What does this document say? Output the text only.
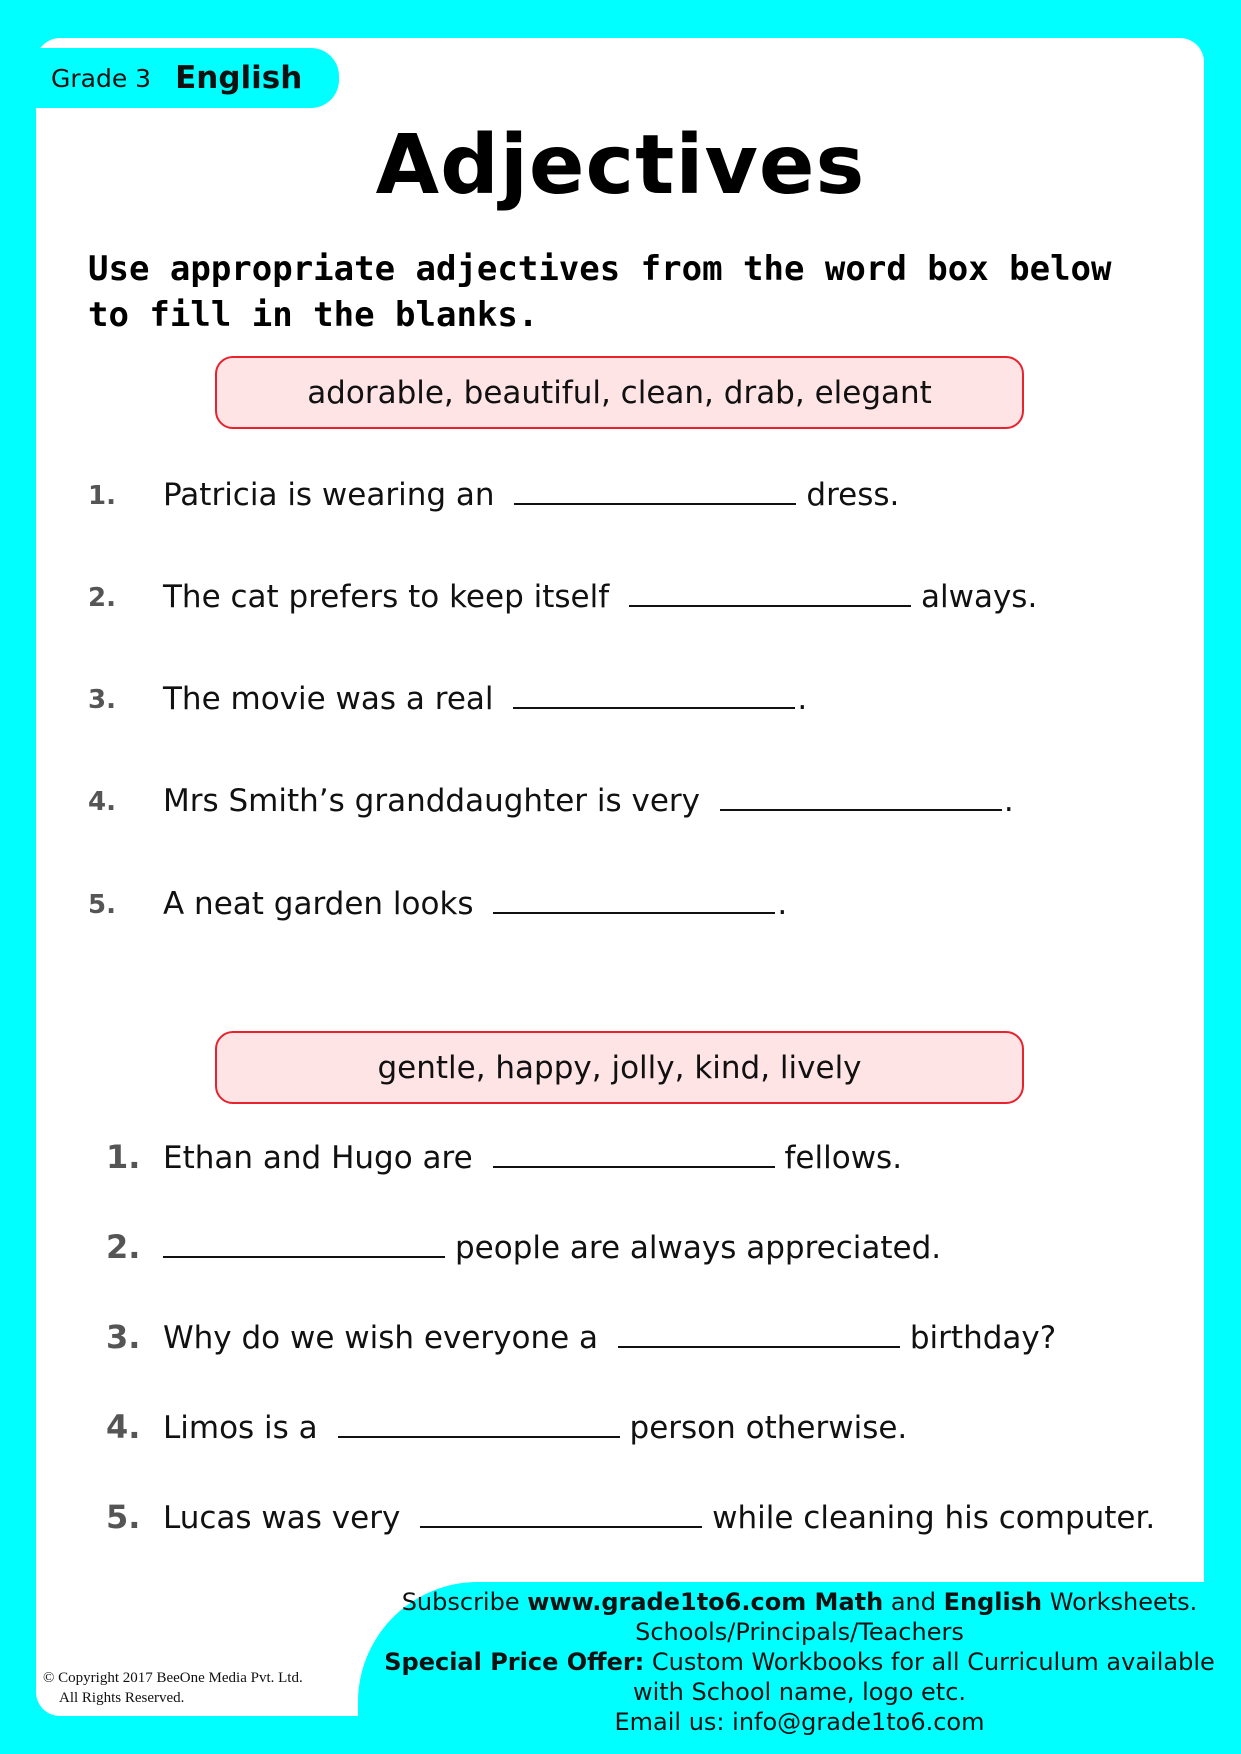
Grade 3 English
Adjectives
Use appropriate adjectives from the word box below to fill in the blanks.
adorable, beautiful, clean, drab, elegant
1. Patricia is wearing an	dress.
2. The cat prefers to keep itself	always.
3. The movie was a real	.
4. Mrs Smith’s granddaughter is very	.
5. A neat garden looks	.
gentle, happy, jolly, kind, lively
1. Ethan and Hugo are	fellows.
2.	people are always appreciated.
3. Why do we wish everyone a	birthday?
4. Limos is a	person otherwise.
5. Lucas was very	while cleaning his computer.
Subscribe www.grade1to6.com Math and English Worksheets.
Schools/Principals/Teachers
Special Price Offer: Custom Workbooks for all Curriculum available
with School name, logo etc.
Email us: info@grade1to6.com
© Copyright 2017 BeeOne Media Pvt. Ltd.
All Rights Reserved.
